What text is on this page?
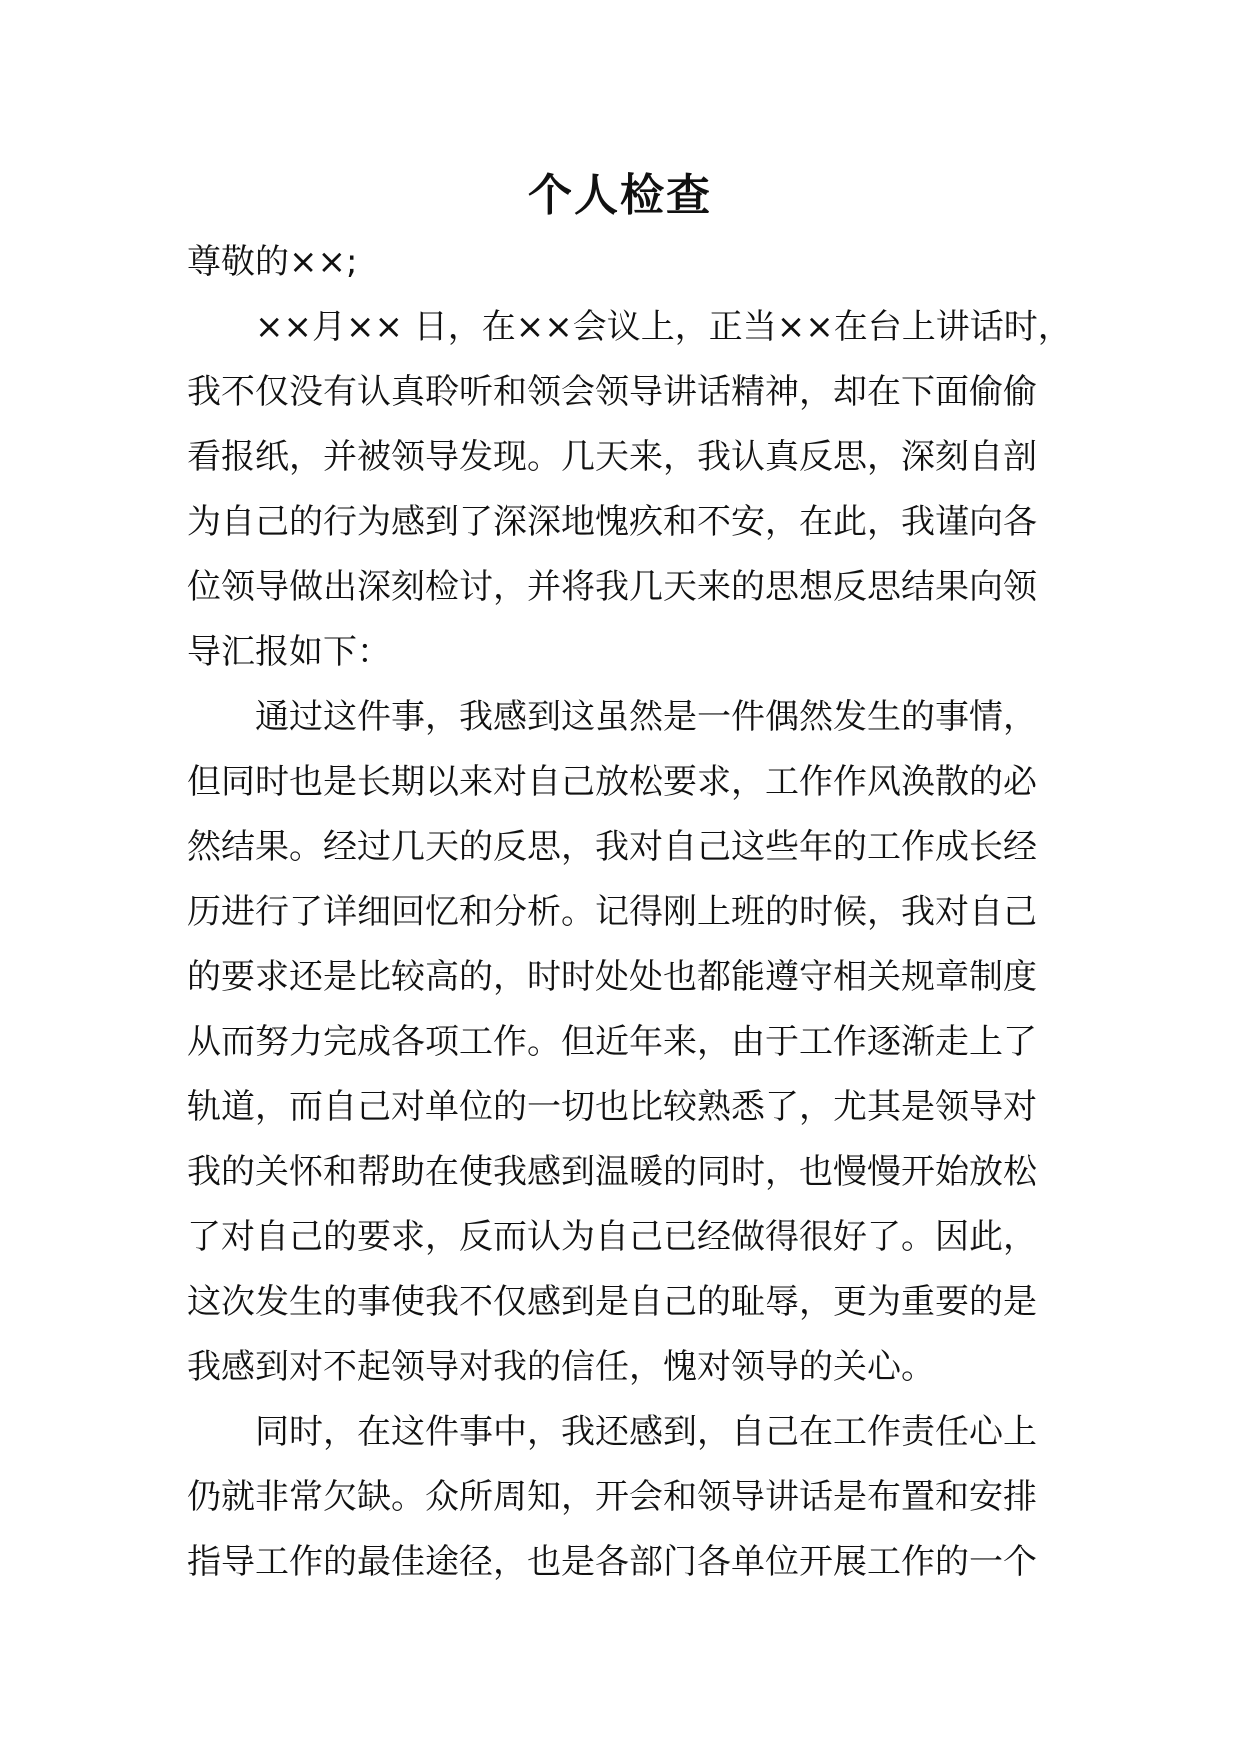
个人检查
尊敬的××;
××月×× 日，在××会议上，正当××在台上讲话时，
我不仅没有认真聆听和领会领导讲话精神，却在下面偷偷
看报纸，并被领导发现。几天来，我认真反思，深刻自剖
为自己的行为感到了深深地愧疚和不安，在此，我谨向各
位领导做出深刻检讨，并将我几天来的思想反思结果向领
导汇报如下：
通过这件事，我感到这虽然是一件偶然发生的事情，
但同时也是长期以来对自己放松要求，工作作风涣散的必
然结果。经过几天的反思，我对自己这些年的工作成长经
历进行了详细回忆和分析。记得刚上班的时候，我对自己
的要求还是比较高的，时时处处也都能遵守相关规章制度
从而努力完成各项工作。但近年来，由于工作逐渐走上了
轨道，而自己对单位的一切也比较熟悉了，尤其是领导对
我的关怀和帮助在使我感到温暖的同时，也慢慢开始放松
了对自己的要求，反而认为自己已经做得很好了。因此，
这次发生的事使我不仅感到是自己的耻辱，更为重要的是
我感到对不起领导对我的信任，愧对领导的关心。
同时，在这件事中，我还感到，自己在工作责任心上
仍就非常欠缺。众所周知，开会和领导讲话是布置和安排
指导工作的最佳途径，也是各部门各单位开展工作的一个
